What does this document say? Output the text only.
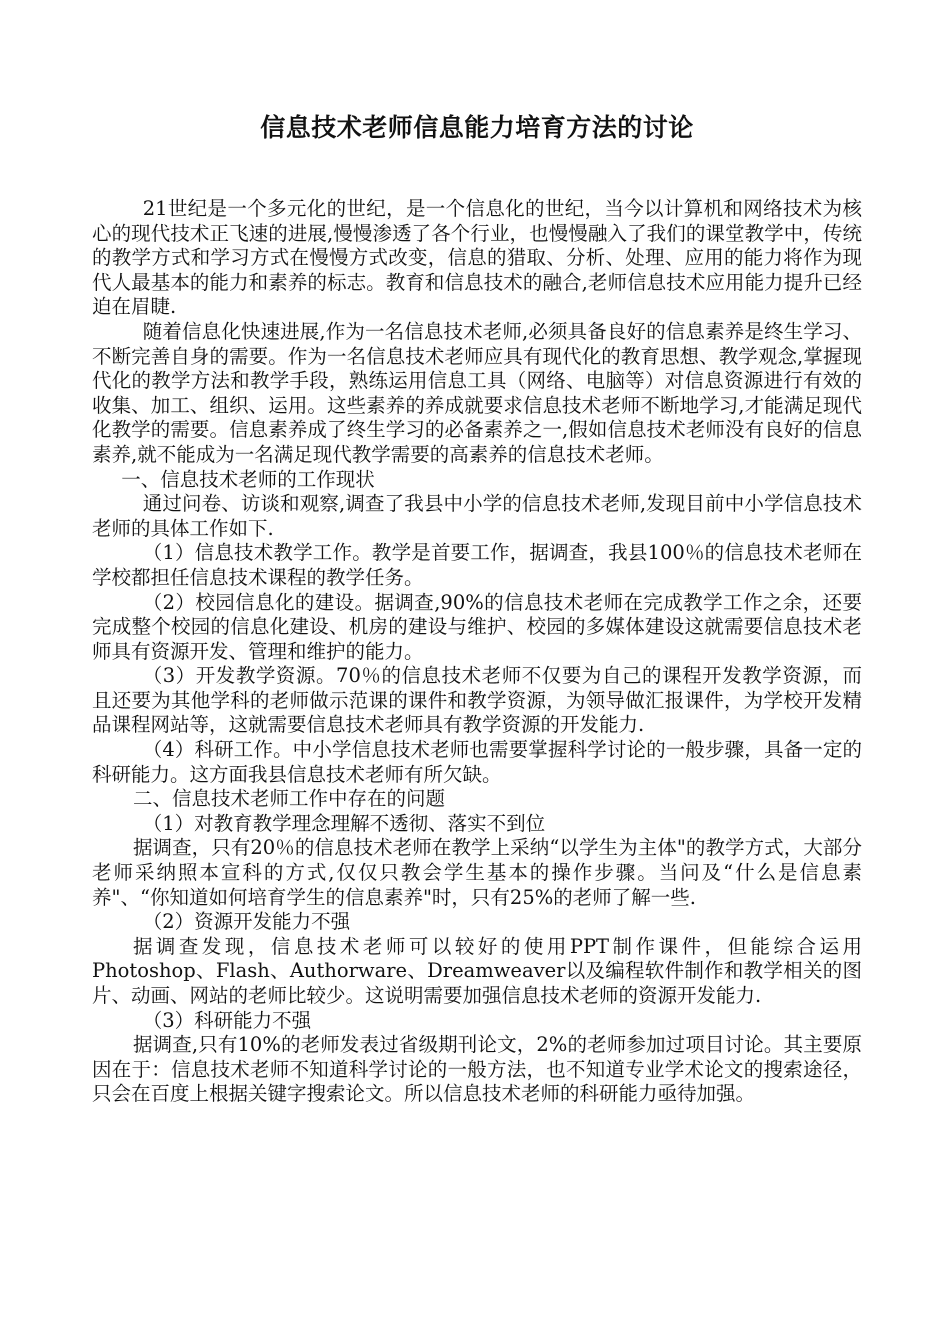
信息技术老师信息能力培育方法的讨论

21世纪是一个多元化的世纪，是一个信息化的世纪，当今以计算机和网络技术为核心的现代技术正飞速的进展,慢慢渗透了各个行业，也慢慢融入了我们的课堂教学中，传统的教学方式和学习方式在慢慢方式改变，信息的猎取、分析、处理、应用的能力将作为现代人最基本的能力和素养的标志。教育和信息技术的融合,老师信息技术应用能力提升已经迫在眉睫.

随着信息化快速进展,作为一名信息技术老师,必须具备良好的信息素养是终生学习、不断完善自身的需要。作为一名信息技术老师应具有现代化的教育思想、教学观念,掌握现代化的教学方法和教学手段，熟练运用信息工具（网络、电脑等）对信息资源进行有效的收集、加工、组织、运用。这些素养的养成就要求信息技术老师不断地学习,才能满足现代化教学的需要。信息素养成了终生学习的必备素养之一,假如信息技术老师没有良好的信息素养,就不能成为一名满足现代教学需要的高素养的信息技术老师。

一、信息技术老师的工作现状

通过问卷、访谈和观察,调查了我县中小学的信息技术老师,发现目前中小学信息技术老师的具体工作如下.

（1）信息技术教学工作。教学是首要工作，据调查，我县100％的信息技术老师在学校都担任信息技术课程的教学任务。

（2）校园信息化的建设。据调查,90%的信息技术老师在完成教学工作之余，还要完成整个校园的信息化建设、机房的建设与维护、校园的多媒体建设这就需要信息技术老师具有资源开发、管理和维护的能力。

（3）开发教学资源。70％的信息技术老师不仅要为自己的课程开发教学资源，而且还要为其他学科的老师做示范课的课件和教学资源，为领导做汇报课件，为学校开发精品课程网站等，这就需要信息技术老师具有教学资源的开发能力.

（4）科研工作。中小学信息技术老师也需要掌握科学讨论的一般步骤，具备一定的科研能力。这方面我县信息技术老师有所欠缺。

二、信息技术老师工作中存在的问题

（1）对教育教学理念理解不透彻、落实不到位

据调查，只有20％的信息技术老师在教学上采纳“以学生为主体"的教学方式，大部分老师采纳照本宣科的方式,仅仅只教会学生基本的操作步骤。当问及“什么是信息素养"、“你知道如何培育学生的信息素养"时，只有25%的老师了解一些.

（2）资源开发能力不强

据调查发现，信息技术老师可以较好的使用PPT制作课件，但能综合运用Photoshop、Flash、Authorware、Dreamweaver以及编程软件制作和教学相关的图片、动画、网站的老师比较少。这说明需要加强信息技术老师的资源开发能力.

（3）科研能力不强

据调查,只有10%的老师发表过省级期刊论文，2%的老师参加过项目讨论。其主要原因在于：信息技术老师不知道科学讨论的一般方法，也不知道专业学术论文的搜索途径，只会在百度上根据关键字搜索论文。所以信息技术老师的科研能力亟待加强。
